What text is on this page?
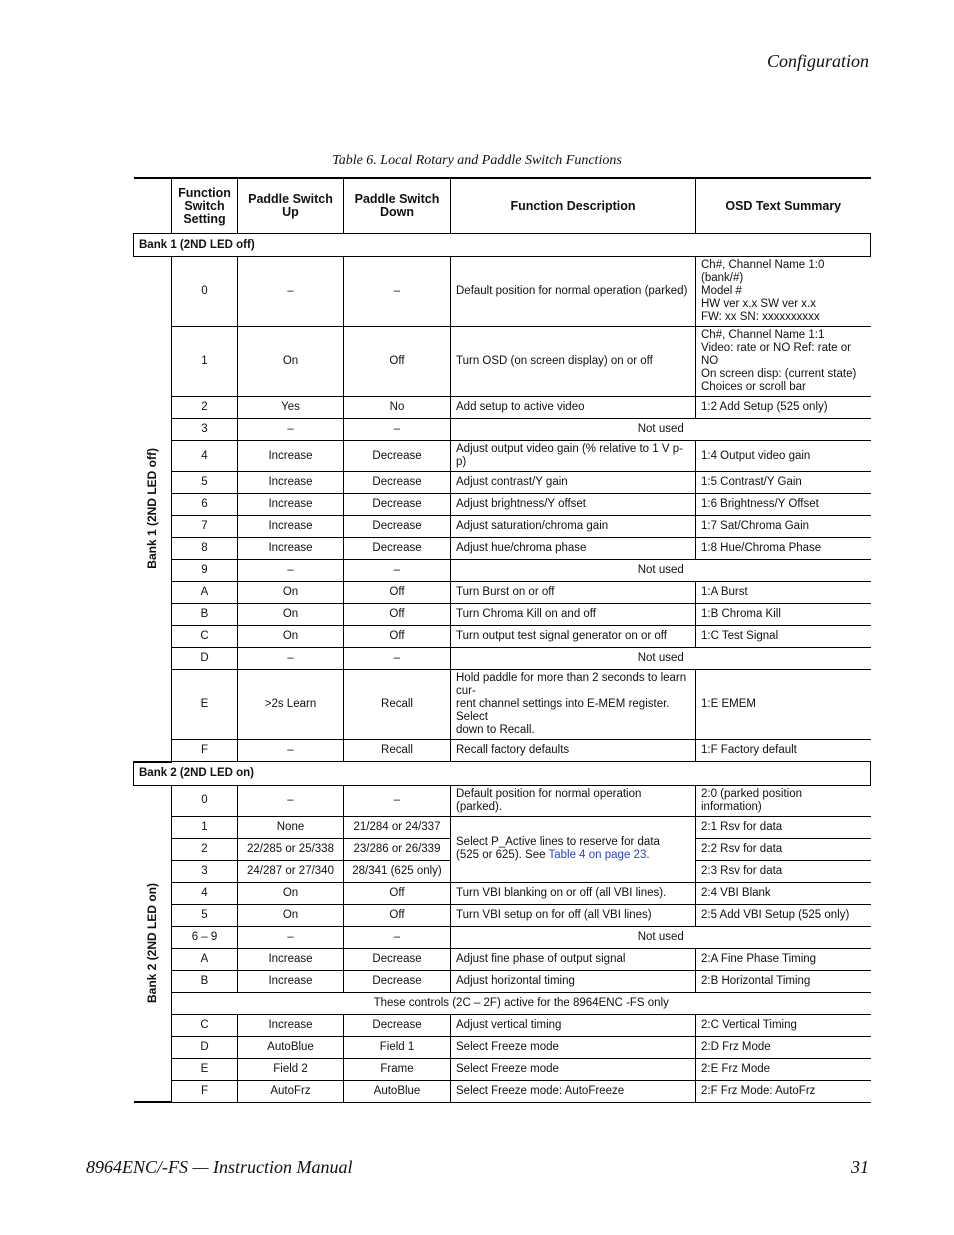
Configuration
Table 6. Local Rotary and Paddle Switch Functions
	Function Switch Setting	Paddle Switch Up	Paddle Switch Down	Function Description	OSD Text Summary
Bank 1 (2ND LED off)					

Bank 1 (2ND LED off)	0	–	–	Default position for normal operation (parked)	Ch#, Channel Name 1:0 (bank/#)
Model #
HW ver x.x SW ver x.x
FW: xx SN: xxxxxxxxxx
	1	On	Off	Turn OSD (on screen display) on or off	Ch#, Channel Name 1:1
Video: rate or NO Ref: rate or NO
On screen disp: (current state)
Choices or scroll bar
	2	Yes	No	Add setup to active video	1:2 Add Setup (525 only)
	3	–	–	Not used	
	4	Increase	Decrease	Adjust output video gain (% relative to 1 V p-p)	1:4 Output video gain
	5	Increase	Decrease	Adjust contrast/Y gain	1:5 Contrast/Y Gain
	6	Increase	Decrease	Adjust brightness/Y offset	1:6 Brightness/Y Offset
	7	Increase	Decrease	Adjust saturation/chroma gain	1:7 Sat/Chroma Gain
	8	Increase	Decrease	Adjust hue/chroma phase	1:8 Hue/Chroma Phase
	9	–	–	Not used	
	A	On	Off	Turn Burst on or off	1:A Burst
	B	On	Off	Turn Chroma Kill on and off	1:B Chroma Kill
	C	On	Off	Turn output test signal generator on or off	1:C Test Signal
	D	–	–	Not used	
	E	>2s Learn	Recall	Hold paddle for more than 2 seconds to learn cur-
rent channel settings into E-MEM register. Select
down to Recall.	1:E EMEM
	F	–	Recall	Recall factory defaults	1:F Factory default
Bank 2 (2ND LED on)					

Bank 2 (2ND LED on)	0	–	–	Default position for normal operation (parked).	2:0 (parked position information)
	1	None	21/284 or 24/337	Select P_Active lines to reserve for data
(525 or 625). See Table 4 on page 23.	2:1 Rsv for data
	2	22/285 or 25/338	23/286 or 26/339		2:2 Rsv for data
	3	24/287 or 27/340	28/341 (625 only)		2:3 Rsv for data
	4	On	Off	Turn VBI blanking on or off (all VBI lines).	2:4 VBI Blank
	5	On	Off	Turn VBI setup on for off (all VBI lines)	2:5 Add VBI Setup (525 only)
	6 – 9	–	–	Not used	
	A	Increase	Decrease	Adjust fine phase of output signal	2:A Fine Phase Timing
	B	Increase	Decrease	Adjust horizontal timing	2:B Horizontal Timing
	These controls (2C – 2F) active for the 8964ENC -FS only				
	C	Increase	Decrease	Adjust vertical timing	2:C Vertical Timing
	D	AutoBlue	Field 1	Select Freeze mode	2:D Frz Mode
	E	Field 2	Frame	Select Freeze mode	2:E Frz Mode
	F	AutoFrz	AutoBlue	Select Freeze mode: AutoFreeze	2:F Frz Mode: AutoFrz
8964ENC/-FS — Instruction Manual	31
